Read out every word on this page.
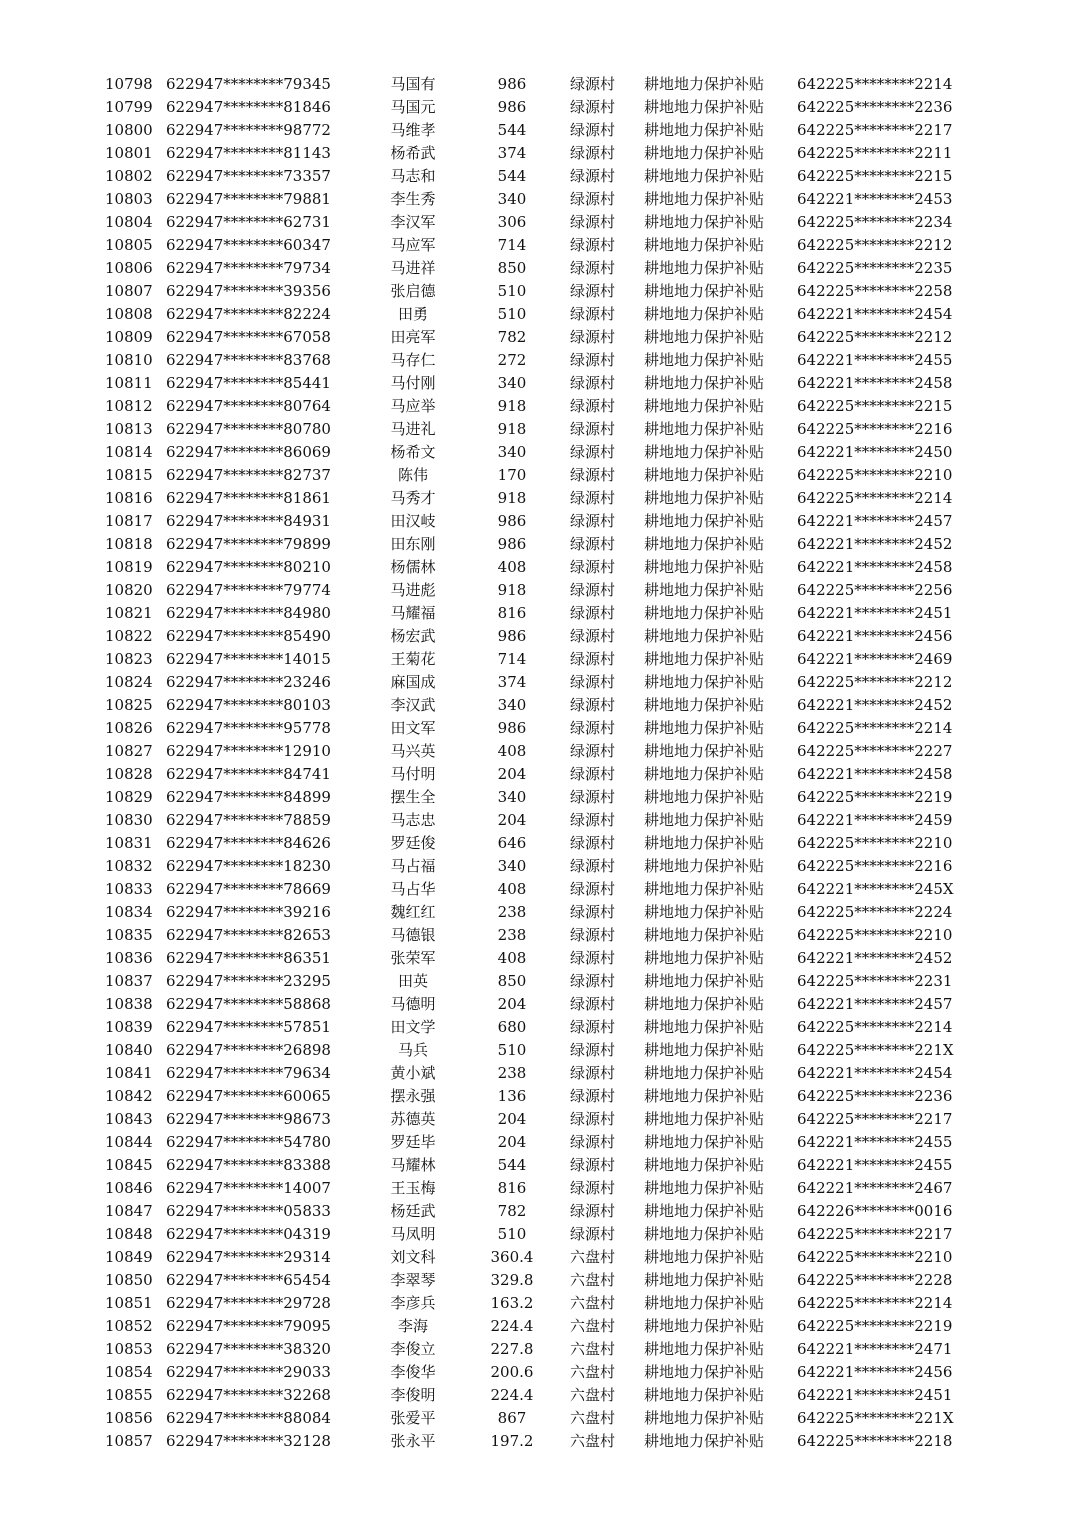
10798 622947********79345	马国有	986	绿源村	耕地地力保护补贴	642225********2214
10799 622947********81846	马国元	986	绿源村	耕地地力保护补贴	642225********2236
10800 622947********98772	马维孝	544	绿源村	耕地地力保护补贴	642225********2217
10801 622947********81143	杨希武	374	绿源村	耕地地力保护补贴	642225********2211
10802 622947********73357	马志和	544	绿源村	耕地地力保护补贴	642225********2215
10803 622947********79881	李生秀	340	绿源村	耕地地力保护补贴	642221********2453
10804 622947********62731	李汉军	306	绿源村	耕地地力保护补贴	642225********2234
10805 622947********60347	马应军	714	绿源村	耕地地力保护补贴	642225********2212
10806 622947********79734	马进祥	850	绿源村	耕地地力保护补贴	642225********2235
10807 622947********39356	张启德	510	绿源村	耕地地力保护补贴	642225********2258
10808 622947********82224	田勇	510	绿源村	耕地地力保护补贴	642221********2454
10809 622947********67058	田亮军	782	绿源村	耕地地力保护补贴	642225********2212
10810 622947********83768	马存仁	272	绿源村	耕地地力保护补贴	642221********2455
10811 622947********85441	马付刚	340	绿源村	耕地地力保护补贴	642221********2458
10812 622947********80764	马应举	918	绿源村	耕地地力保护补贴	642225********2215
10813 622947********80780	马进礼	918	绿源村	耕地地力保护补贴	642225********2216
10814 622947********86069	杨希文	340	绿源村	耕地地力保护补贴	642221********2450
10815 622947********82737	陈伟	170	绿源村	耕地地力保护补贴	642225********2210
10816 622947********81861	马秀才	918	绿源村	耕地地力保护补贴	642225********2214
10817 622947********84931	田汉岐	986	绿源村	耕地地力保护补贴	642221********2457
10818 622947********79899	田东刚	986	绿源村	耕地地力保护补贴	642221********2452
10819 622947********80210	杨儒林	408	绿源村	耕地地力保护补贴	642221********2458
10820 622947********79774	马进彪	918	绿源村	耕地地力保护补贴	642225********2256
10821 622947********84980	马耀福	816	绿源村	耕地地力保护补贴	642221********2451
10822 622947********85490	杨宏武	986	绿源村	耕地地力保护补贴	642221********2456
10823 622947********14015	王菊花	714	绿源村	耕地地力保护补贴	642221********2469
10824 622947********23246	麻国成	374	绿源村	耕地地力保护补贴	642225********2212
10825 622947********80103	李汉武	340	绿源村	耕地地力保护补贴	642221********2452
10826 622947********95778	田文军	986	绿源村	耕地地力保护补贴	642225********2214
10827 622947********12910	马兴英	408	绿源村	耕地地力保护补贴	642225********2227
10828 622947********84741	马付明	204	绿源村	耕地地力保护补贴	642221********2458
10829 622947********84899	摆生全	340	绿源村	耕地地力保护补贴	642225********2219
10830 622947********78859	马志忠	204	绿源村	耕地地力保护补贴	642221********2459
10831 622947********84626	罗廷俊	646	绿源村	耕地地力保护补贴	642225********2210
10832 622947********18230	马占福	340	绿源村	耕地地力保护补贴	642225********2216
10833 622947********78669	马占华	408	绿源村	耕地地力保护补贴	642221********245X
10834 622947********39216	魏红红	238	绿源村	耕地地力保护补贴	642225********2224
10835 622947********82653	马德银	238	绿源村	耕地地力保护补贴	642225********2210
10836 622947********86351	张荣军	408	绿源村	耕地地力保护补贴	642221********2452
10837 622947********23295	田英	850	绿源村	耕地地力保护补贴	642225********2231
10838 622947********58868	马德明	204	绿源村	耕地地力保护补贴	642221********2457
10839 622947********57851	田文学	680	绿源村	耕地地力保护补贴	642225********2214
10840 622947********26898	马兵	510	绿源村	耕地地力保护补贴	642225********221X
10841 622947********79634	黄小斌	238	绿源村	耕地地力保护补贴	642221********2454
10842 622947********60065	摆永强	136	绿源村	耕地地力保护补贴	642225********2236
10843 622947********98673	苏德英	204	绿源村	耕地地力保护补贴	642225********2217
10844 622947********54780	罗廷毕	204	绿源村	耕地地力保护补贴	642221********2455
10845 622947********83388	马耀林	544	绿源村	耕地地力保护补贴	642221********2455
10846 622947********14007	王玉梅	816	绿源村	耕地地力保护补贴	642221********2467
10847 622947********05833	杨廷武	782	绿源村	耕地地力保护补贴	642226********0016
10848 622947********04319	马凤明	510	绿源村	耕地地力保护补贴	642225********2217
10849 622947********29314	刘文科	360.4	六盘村	耕地地力保护补贴	642225********2210
10850 622947********65454	李翠琴	329.8	六盘村	耕地地力保护补贴	642225********2228
10851 622947********29728	李彦兵	163.2	六盘村	耕地地力保护补贴	642225********2214
10852 622947********79095	李海	224.4	六盘村	耕地地力保护补贴	642225********2219
10853 622947********38320	李俊立	227.8	六盘村	耕地地力保护补贴	642221********2471
10854 622947********29033	李俊华	200.6	六盘村	耕地地力保护补贴	642221********2456
10855 622947********32268	李俊明	224.4	六盘村	耕地地力保护补贴	642221********2451
10856 622947********88084	张爱平	867	六盘村	耕地地力保护补贴	642225********221X
10857 622947********32128	张永平	197.2	六盘村	耕地地力保护补贴	642225********2218
